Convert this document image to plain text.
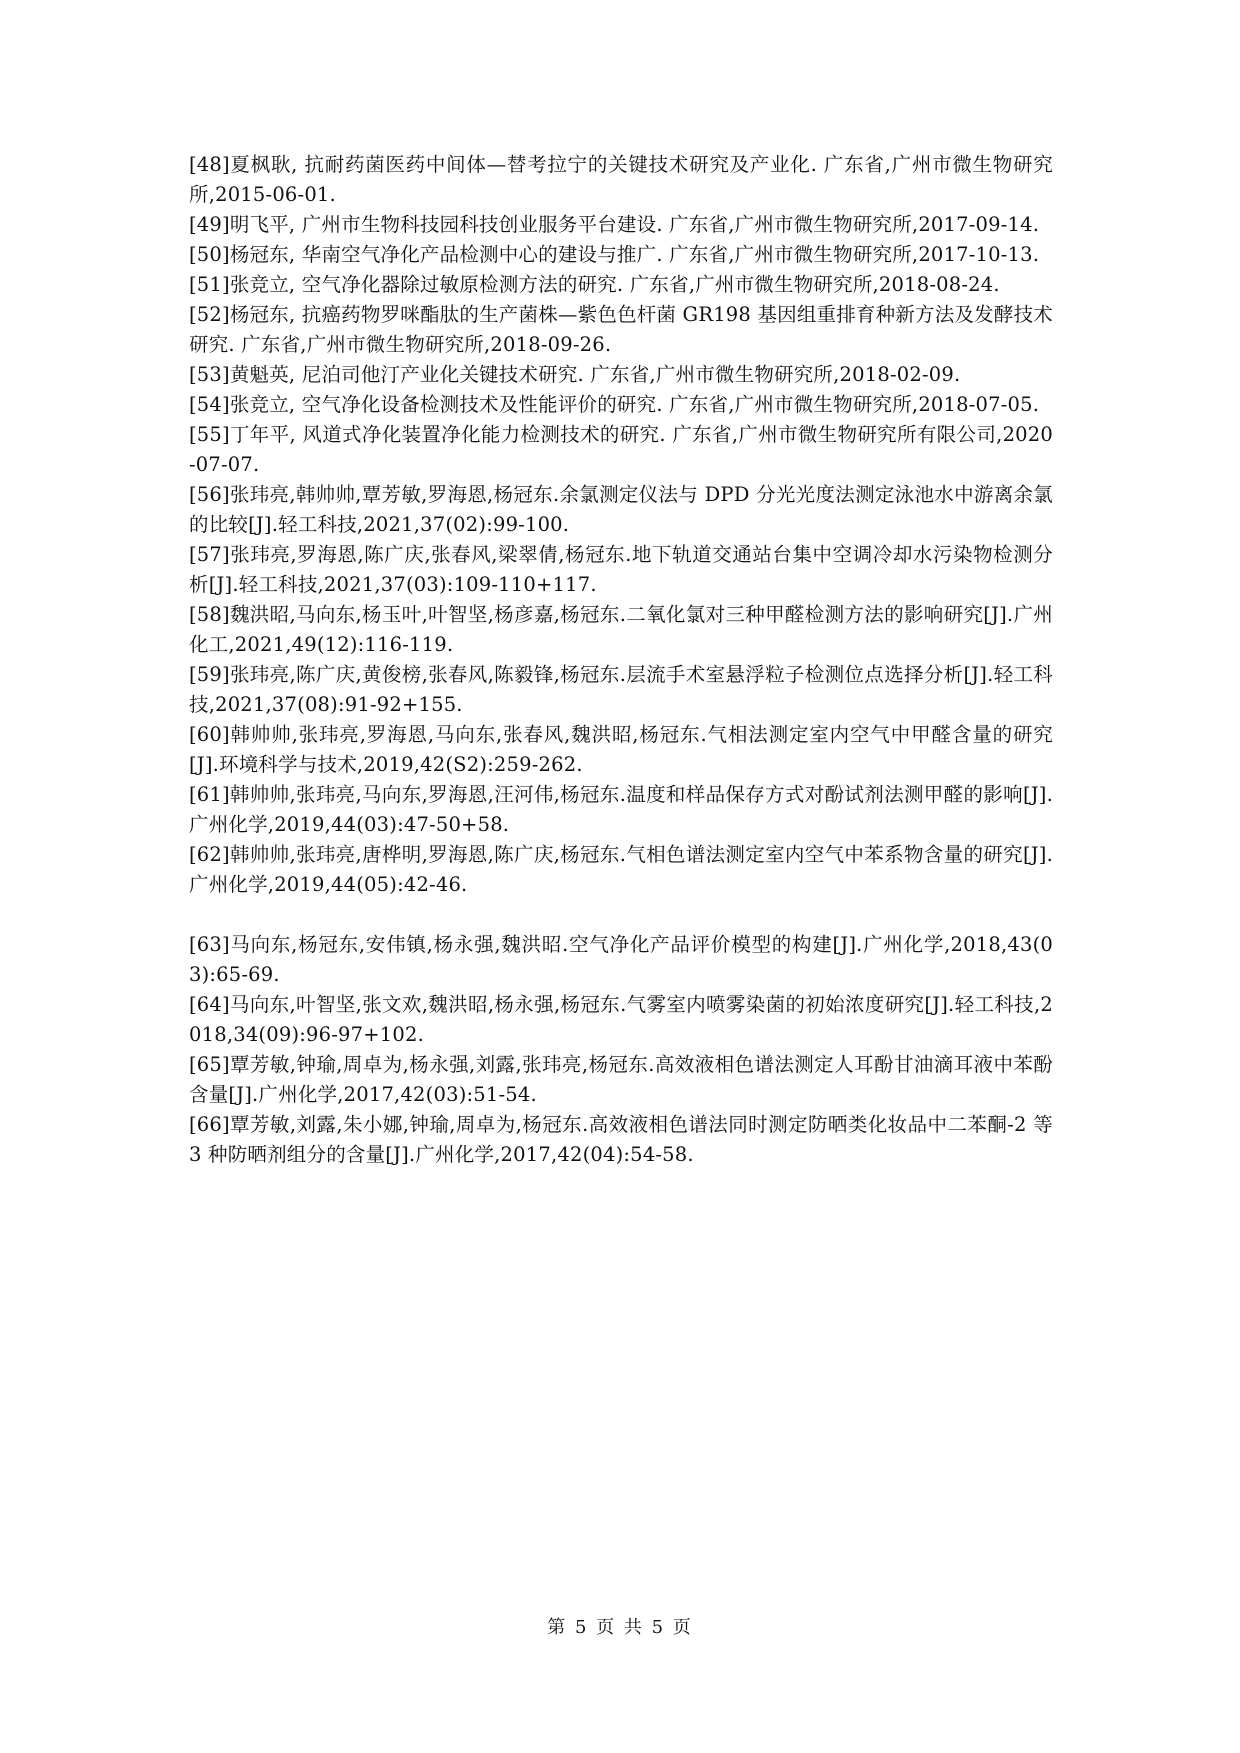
[48]夏枫耿, 抗耐药菌医药中间体—替考拉宁的关键技术研究及产业化. 广东省,广州市微生物研究所,2015-06-01.

[49]明飞平, 广州市生物科技园科技创业服务平台建设. 广东省,广州市微生物研究所,2017-09-14.

[50]杨冠东, 华南空气净化产品检测中心的建设与推广. 广东省,广州市微生物研究所,2017-10-13.

[51]张竞立, 空气净化器除过敏原检测方法的研究. 广东省,广州市微生物研究所,2018-08-24.

[52]杨冠东, 抗癌药物罗咪酯肽的生产菌株—紫色色杆菌 GR198 基因组重排育种新方法及发酵技术研究. 广东省,广州市微生物研究所,2018-09-26.

[53]黄魁英, 尼泊司他汀产业化关键技术研究. 广东省,广州市微生物研究所,2018-02-09.

[54]张竞立, 空气净化设备检测技术及性能评价的研究. 广东省,广州市微生物研究所,2018-07-05.

[55]丁年平, 风道式净化装置净化能力检测技术的研究. 广东省,广州市微生物研究所有限公司,2020-07-07.

[56]张玮亮,韩帅帅,覃芳敏,罗海恩,杨冠东.余氯测定仪法与 DPD 分光光度法测定泳池水中游离余氯的比较[J].轻工科技,2021,37(02):99-100.

[57]张玮亮,罗海恩,陈广庆,张春风,梁翠倩,杨冠东.地下轨道交通站台集中空调冷却水污染物检测分析[J].轻工科技,2021,37(03):109-110+117.

[58]魏洪昭,马向东,杨玉叶,叶智坚,杨彦嘉,杨冠东.二氧化氯对三种甲醛检测方法的影响研究[J].广州化工,2021,49(12):116-119.

[59]张玮亮,陈广庆,黄俊榜,张春风,陈毅锋,杨冠东.层流手术室悬浮粒子检测位点选择分析[J].轻工科技,2021,37(08):91-92+155.

[60]韩帅帅,张玮亮,罗海恩,马向东,张春风,魏洪昭,杨冠东.气相法测定室内空气中甲醛含量的研究[J].环境科学与技术,2019,42(S2):259-262.

[61]韩帅帅,张玮亮,马向东,罗海恩,汪河伟,杨冠东.温度和样品保存方式对酚试剂法测甲醛的影响[J].广州化学,2019,44(03):47-50+58.

[62]韩帅帅,张玮亮,唐桦明,罗海恩,陈广庆,杨冠东.气相色谱法测定室内空气中苯系物含量的研究[J].广州化学,2019,44(05):42-46.

[63]马向东,杨冠东,安伟镇,杨永强,魏洪昭.空气净化产品评价模型的构建[J].广州化学,2018,43(03):65-69.

[64]马向东,叶智坚,张文欢,魏洪昭,杨永强,杨冠东.气雾室内喷雾染菌的初始浓度研究[J].轻工科技,2018,34(09):96-97+102.

[65]覃芳敏,钟瑜,周卓为,杨永强,刘露,张玮亮,杨冠东.高效液相色谱法测定人耳酚甘油滴耳液中苯酚含量[J].广州化学,2017,42(03):51-54.

[66]覃芳敏,刘露,朱小娜,钟瑜,周卓为,杨冠东.高效液相色谱法同时测定防晒类化妆品中二苯酮-2 等 3 种防晒剂组分的含量[J].广州化学,2017,42(04):54-58.

第 5 页 共 5 页
